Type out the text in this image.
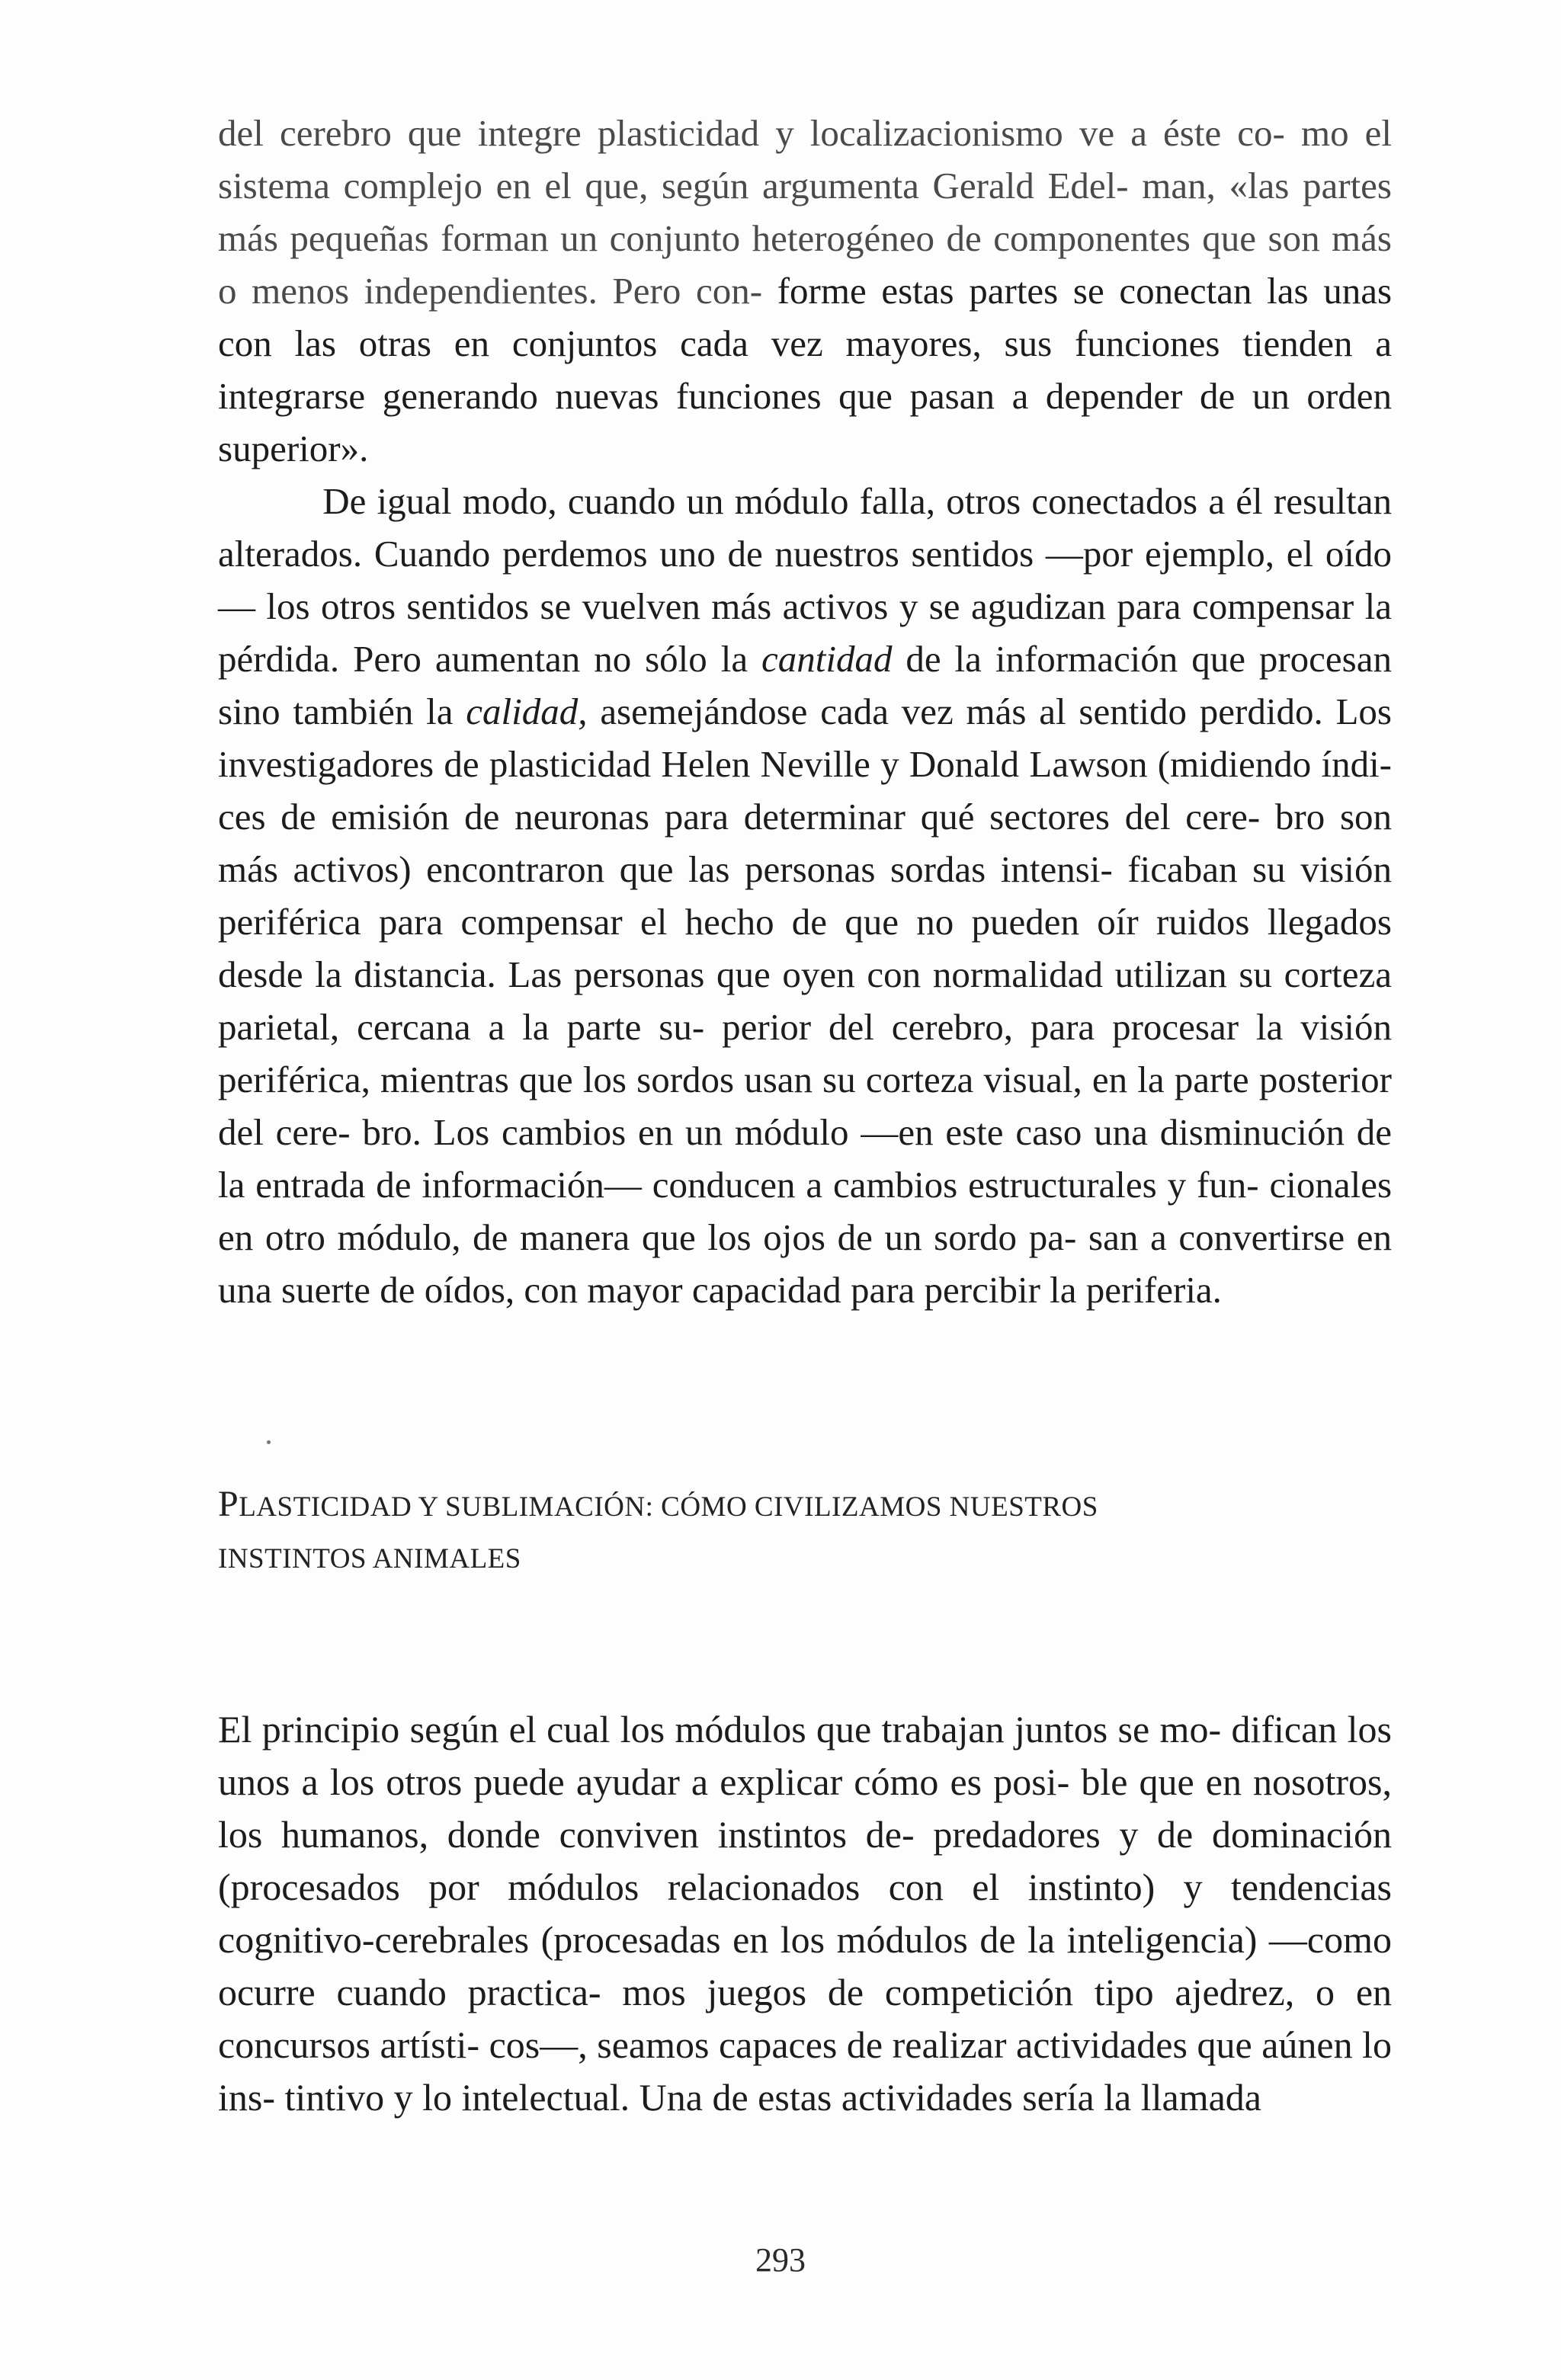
del cerebro que integre plasticidad y localizacionismo ve a éste co- mo el sistema complejo en el que, según argumenta Gerald Edel- man, «las partes más pequeñas forman un conjunto heterogéneo de componentes que son más o menos independientes. Pero con- forme estas partes se conectan las unas con las otras en conjuntos cada vez mayores, sus funciones tienden a integrarse generando nuevas funciones que pasan a depender de un orden superior».

De igual modo, cuando un módulo falla, otros conectados a él resultan alterados. Cuando perdemos uno de nuestros sentidos —por ejemplo, el oído— los otros sentidos se vuelven más activos y se agudizan para compensar la pérdida. Pero aumentan no sólo la cantidad de la información que procesan sino también la calidad, asemejándose cada vez más al sentido perdido. Los investigadores de plasticidad Helen Neville y Donald Lawson (midiendo índi- ces de emisión de neuronas para determinar qué sectores del cere- bro son más activos) encontraron que las personas sordas intensi- ficaban su visión periférica para compensar el hecho de que no pueden oír ruidos llegados desde la distancia. Las personas que oyen con normalidad utilizan su corteza parietal, cercana a la parte su- perior del cerebro, para procesar la visión periférica, mientras que los sordos usan su corteza visual, en la parte posterior del cere- bro. Los cambios en un módulo —en este caso una disminución de la entrada de información— conducen a cambios estructurales y fun- cionales en otro módulo, de manera que los ojos de un sordo pa- san a convertirse en una suerte de oídos, con mayor capacidad para percibir la periferia.

PLASTICIDAD Y SUBLIMACIÓN: CÓMO CIVILIZAMOS NUESTROS
INSTINTOS ANIMALES

El principio según el cual los módulos que trabajan juntos se mo- difican los unos a los otros puede ayudar a explicar cómo es posi- ble que en nosotros, los humanos, donde conviven instintos de- predadores y de dominación (procesados por módulos relacionados con el instinto) y tendencias cognitivo-cerebrales (procesadas en los módulos de la inteligencia) —como ocurre cuando practica- mos juegos de competición tipo ajedrez, o en concursos artísti- cos—, seamos capaces de realizar actividades que aúnen lo ins- tintivo y lo intelectual. Una de estas actividades sería la llamada

293
